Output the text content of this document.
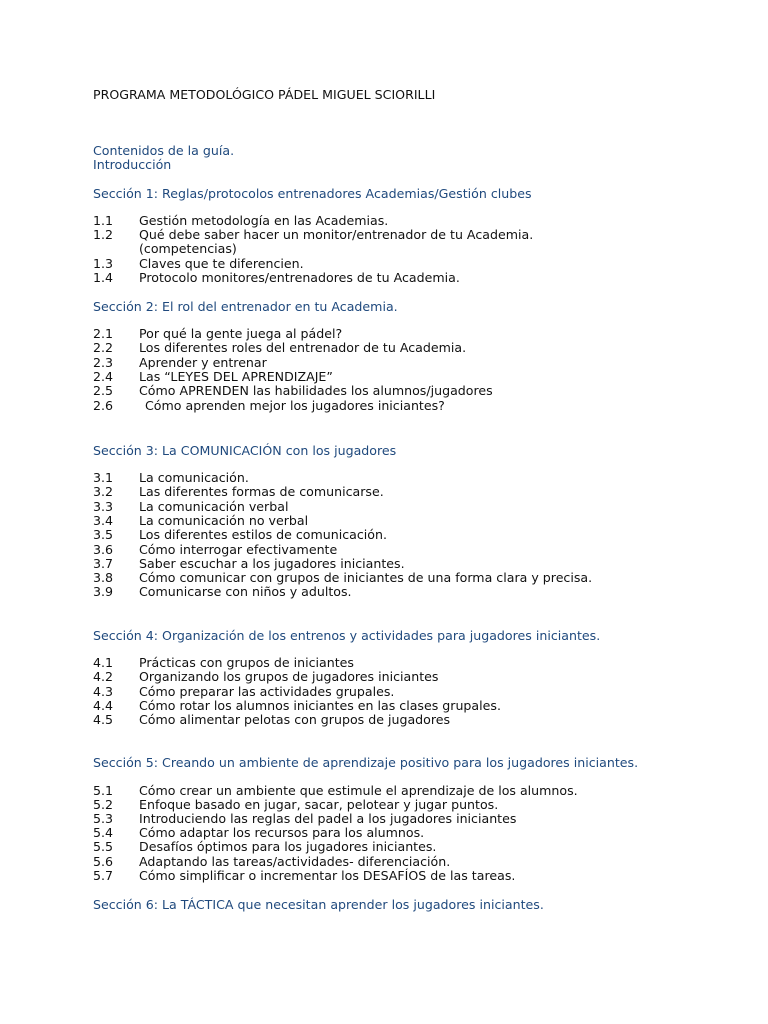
PROGRAMA METODOLÓGICO PÁDEL MIGUEL SCIORILLI
Contenidos de la guía.
Introducción
Sección 1: Reglas/protocolos entrenadores Academias/Gestión clubes
1.1 Gestión metodología en las Academias.
1.2 Qué debe saber hacer un monitor/entrenador de tu Academia.
(competencias)
1.3 Claves que te diferencien.
1.4 Protocolo monitores/entrenadores de tu Academia.
Sección 2: El rol del entrenador en tu Academia.
2.1 Por qué la gente juega al pádel?
2.2 Los diferentes roles del entrenador de tu Academia.
2.3 Aprender y entrenar
2.4 Las “LEYES DEL APRENDIZAJE”
2.5 Cómo APRENDEN las habilidades los alumnos/jugadores
2.6	Cómo aprenden mejor los jugadores iniciantes?
Sección 3: La COMUNICACIÓN con los jugadores
3.1 La comunicación.
3.2 Las diferentes formas de comunicarse.
3.3 La comunicación verbal
3.4 La comunicación no verbal
3.5 Los diferentes estilos de comunicación.
3.6 Cómo interrogar efectivamente
3.7 Saber escuchar a los jugadores iniciantes.
3.8 Cómo comunicar con grupos de iniciantes de una forma clara y precisa.
3.9 Comunicarse con niños y adultos.
Sección 4: Organización de los entrenos y actividades para jugadores iniciantes.
4.1 Prácticas con grupos de iniciantes
4.2 Organizando los grupos de jugadores iniciantes
4.3 Cómo preparar las actividades grupales.
4.4 Cómo rotar los alumnos iniciantes en las clases grupales.
4.5 Cómo alimentar pelotas con grupos de jugadores
Sección 5: Creando un ambiente de aprendizaje positivo para los jugadores iniciantes.
5.1 Cómo crear un ambiente que estimule el aprendizaje de los alumnos.
5.2 Enfoque basado en jugar, sacar, pelotear y jugar puntos.
5.3 Introduciendo las reglas del padel a los jugadores iniciantes
5.4 Cómo adaptar los recursos para los alumnos.
5.5 Desafíos óptimos para los jugadores iniciantes.
5.6 Adaptando las tareas/actividades- diferenciación.
5.7 Cómo simplificar o incrementar los DESAFÍOS de las tareas.
Sección 6: La TÁCTICA que necesitan aprender los jugadores iniciantes.
